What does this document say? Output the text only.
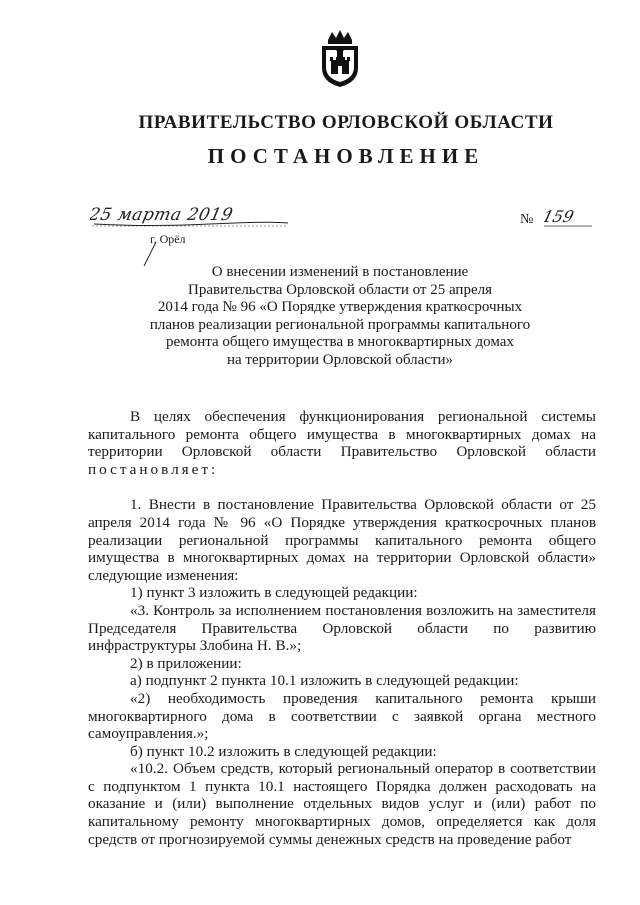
ПРАВИТЕЛЬСТВО ОРЛОВСКОЙ ОБЛАСТИ
ПОСТАНОВЛЕНИЕ
25 марта 2019	№ 159
г. Орёл
О внесении изменений в постановление
Правительства Орловской области от 25 апреля
2014 года № 96 «О Порядке утверждения краткосрочных
планов реализации региональной программы капитального
ремонта общего имущества в многоквартирных домах
на территории Орловской области»

В целях обеспечения функционирования региональной системы капитального ремонта общего имущества в многоквартирных домах на территории Орловской области Правительство Орловской области постановляет:

1. Внести в постановление Правительства Орловской области от 25 апреля 2014 года № 96 «О Порядке утверждения краткосрочных планов реализации региональной программы капитального ремонта общего имущества в многоквартирных домах на территории Орловской области» следующие изменения:

1) пункт 3 изложить в следующей редакции:

«3. Контроль за исполнением постановления возложить на заместителя Председателя Правительства Орловской области по развитию инфраструктуры Злобина Н. В.»;

2) в приложении:

а) подпункт 2 пункта 10.1 изложить в следующей редакции:

«2) необходимость проведения капитального ремонта крыши многоквартирного дома в соответствии с заявкой органа местного самоуправления.»;

б) пункт 10.2 изложить в следующей редакции:

«10.2. Объем средств, который региональный оператор в соответствии с подпунктом 1 пункта 10.1 настоящего Порядка должен расходовать на оказание и (или) выполнение отдельных видов услуг и (или) работ по капитальному ремонту многоквартирных домов, определяется как доля средств от прогнозируемой суммы денежных средств на проведение работ
